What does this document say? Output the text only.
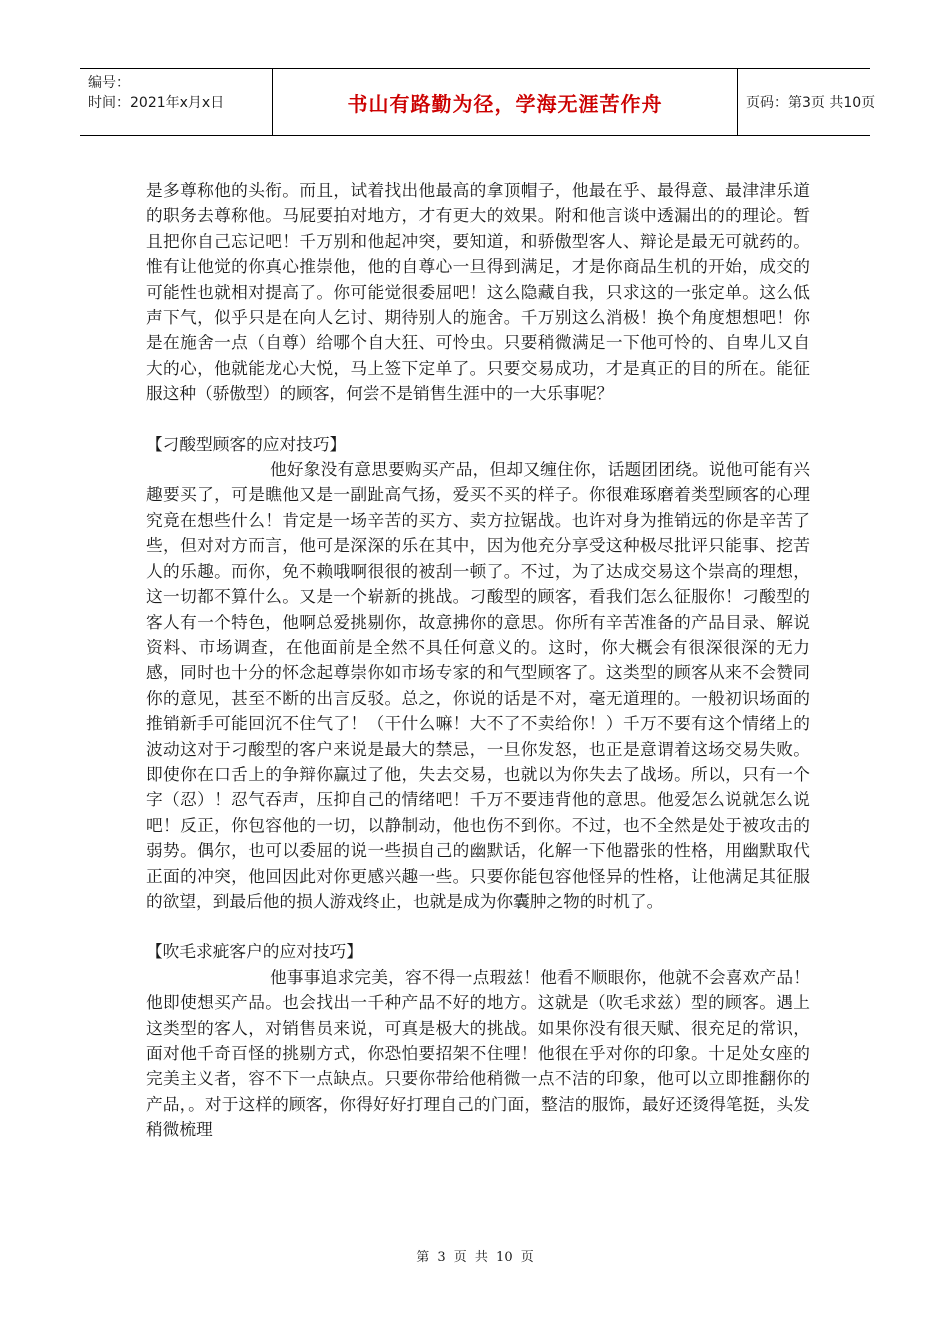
编号：
时间：2021年x月x日	书山有路勤为径，学海无涯苦作舟	页码：第3页 共10页

是多尊称他的头衔。而且，试着找出他最高的拿顶帽子，他最在乎、最得意、最津津乐道的职务去尊称他。马屁要拍对地方，才有更大的效果。附和他言谈中透漏出的的理论。暂且把你自己忘记吧！千万别和他起冲突，要知道，和骄傲型客人、辩论是最无可就药的。惟有让他觉的你真心推崇他，他的自尊心一旦得到满足，才是你商品生机的开始，成交的可能性也就相对提高了。你可能觉很委屈吧！这么隐藏自我，只求这的一张定单。这么低声下气，似乎只是在向人乞讨、期待别人的施舍。千万别这么消极！换个角度想想吧！你是在施舍一点（自尊）给哪个自大狂、可怜虫。只要稍微满足一下他可怜的、自卑儿又自大的心，他就能龙心大悦，马上签下定单了。只要交易成功，才是真正的目的所在。能征服这种（骄傲型）的顾客，何尝不是销售生涯中的一大乐事呢？

【刁酸型顾客的应对技巧】

他好象没有意思要购买产品，但却又缠住你，话题团团绕。说他可能有兴趣要买了，可是瞧他又是一副趾高气扬，爱买不买的样子。你很难琢磨着类型顾客的心理究竟在想些什么！肯定是一场辛苦的买方、卖方拉锯战。也许对身为推销远的你是辛苦了些，但对对方而言，他可是深深的乐在其中，因为他充分享受这种极尽批评只能事、挖苦人的乐趣。而你，免不赖哦啊很很的被刮一顿了。不过，为了达成交易这个崇高的理想，这一切都不算什么。又是一个崭新的挑战。刁酸型的顾客，看我们怎么征服你！刁酸型的客人有一个特色，他啊总爱挑剔你，故意拂你的意思。你所有辛苦准备的产品目录、解说资料、市场调查，在他面前是全然不具任何意义的。这时，你大概会有很深很深的无力感，同时也十分的怀念起尊崇你如市场专家的和气型顾客了。这类型的顾客从来不会赞同你的意见，甚至不断的出言反驳。总之，你说的话是不对，毫无道理的。一般初识场面的推销新手可能回沉不住气了！（干什么嘛！大不了不卖给你！）千万不要有这个情绪上的波动这对于刁酸型的客户来说是最大的禁忌，一旦你发怒，也正是意谓着这场交易失败。即使你在口舌上的争辩你赢过了他，失去交易，也就以为你失去了战场。所以，只有一个字（忍）！忍气吞声，压抑自己的情绪吧！千万不要违背他的意思。他爱怎么说就怎么说吧！反正，你包容他的一切，以静制动，他也伤不到你。不过，也不全然是处于被攻击的弱势。偶尔，也可以委屈的说一些损自己的幽默话，化解一下他嚣张的性格，用幽默取代正面的冲突，他回因此对你更感兴趣一些。只要你能包容他怪异的性格，让他满足其征服的欲望，到最后他的损人游戏终止，也就是成为你囊肿之物的时机了。

【吹毛求疵客户的应对技巧】

他事事追求完美，容不得一点瑕兹！他看不顺眼你，他就不会喜欢产品！他即使想买产品。也会找出一千种产品不好的地方。这就是（吹毛求兹）型的顾客。遇上这类型的客人，对销售员来说，可真是极大的挑战。如果你没有很天赋、很充足的常识，面对他千奇百怪的挑剔方式，你恐怕要招架不住哩！他很在乎对你的印象。十足处女座的完美主义者，容不下一点缺点。只要你带给他稍微一点不洁的印象，他可以立即推翻你的产品，。对于这样的顾客，你得好好打理自己的门面，整洁的服饰，最好还烫得笔挺，头发稍微梳理

第 3 页 共 10 页
